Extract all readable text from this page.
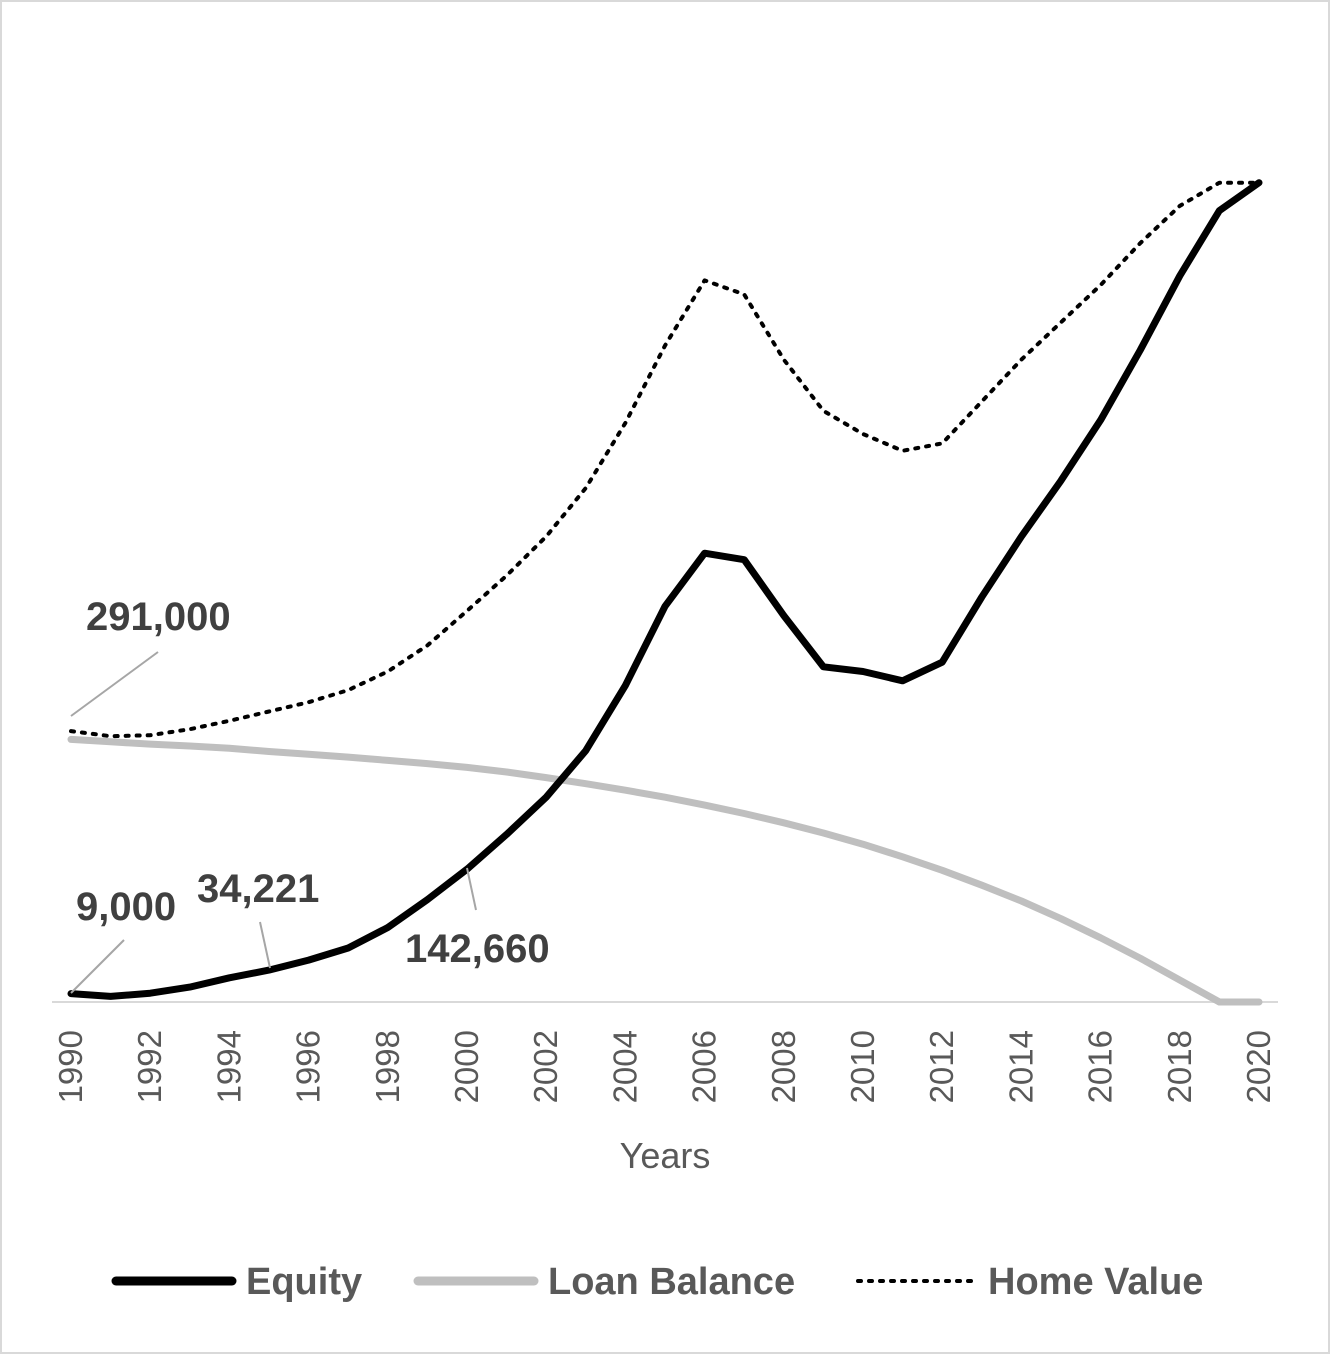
1990 1992 1994 1996 1998 2000 2002 2004 2006 2008 2010 2012 2014 2016 2018 2020
291,000
9,000 34,221
142,660
Years
Equity	Loan Balance	Home Value
